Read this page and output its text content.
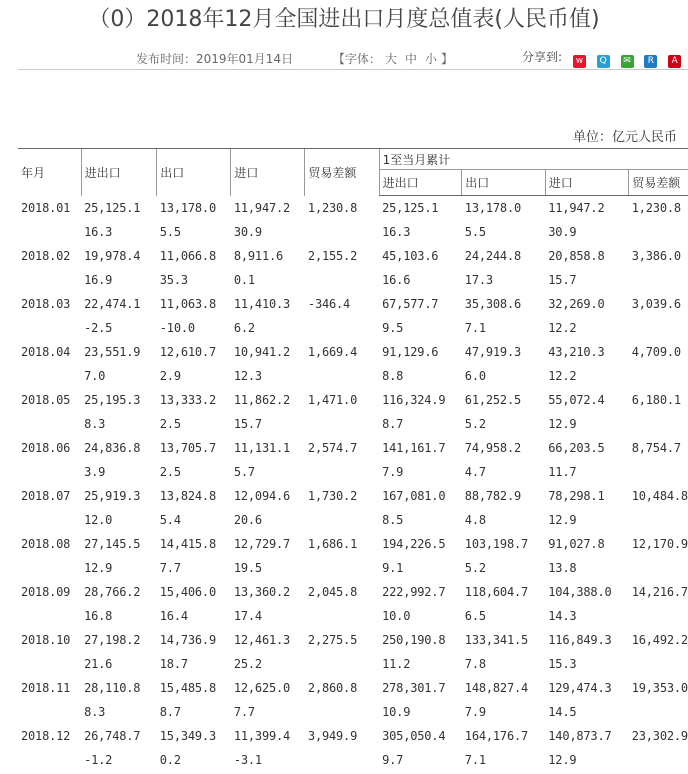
（0）2018年12月全国进出口月度总值表(人民币值)
发布时间：2019年01月14日	【字体： 大 中 小 】	分享到: w Q ✉ R A
单位：亿元人民币
年月	进出口	出口	进口	贸易差额	1至当月累计			
					进出口	出口	进口	贸易差额
2018.01	25,125.1	13,178.0	11,947.2	1,230.8	25,125.1	13,178.0	11,947.2	1,230.8
	16.3	5.5	30.9		16.3	5.5	30.9	
2018.02	19,978.4	11,066.8	8,911.6	2,155.2	45,103.6	24,244.8	20,858.8	3,386.0
	16.9	35.3	0.1		16.6	17.3	15.7	
2018.03	22,474.1	11,063.8	11,410.3	-346.4	67,577.7	35,308.6	32,269.0	3,039.6
	-2.5	-10.0	6.2		9.5	7.1	12.2	
2018.04	23,551.9	12,610.7	10,941.2	1,669.4	91,129.6	47,919.3	43,210.3	4,709.0
	7.0	2.9	12.3		8.8	6.0	12.2	
2018.05	25,195.3	13,333.2	11,862.2	1,471.0	116,324.9	61,252.5	55,072.4	6,180.1
	8.3	2.5	15.7		8.7	5.2	12.9	
2018.06	24,836.8	13,705.7	11,131.1	2,574.7	141,161.7	74,958.2	66,203.5	8,754.7
	3.9	2.5	5.7		7.9	4.7	11.7	
2018.07	25,919.3	13,824.8	12,094.6	1,730.2	167,081.0	88,782.9	78,298.1	10,484.8
	12.0	5.4	20.6		8.5	4.8	12.9	
2018.08	27,145.5	14,415.8	12,729.7	1,686.1	194,226.5	103,198.7	91,027.8	12,170.9
	12.9	7.7	19.5		9.1	5.2	13.8	
2018.09	28,766.2	15,406.0	13,360.2	2,045.8	222,992.7	118,604.7	104,388.0	14,216.7
	16.8	16.4	17.4		10.0	6.5	14.3	
2018.10	27,198.2	14,736.9	12,461.3	2,275.5	250,190.8	133,341.5	116,849.3	16,492.2
	21.6	18.7	25.2		11.2	7.8	15.3	
2018.11	28,110.8	15,485.8	12,625.0	2,860.8	278,301.7	148,827.4	129,474.3	19,353.0
	8.3	8.7	7.7		10.9	7.9	14.5	
2018.12	26,748.7	15,349.3	11,399.4	3,949.9	305,050.4	164,176.7	140,873.7	23,302.9
	-1.2	0.2	-3.1		9.7	7.1	12.9	
